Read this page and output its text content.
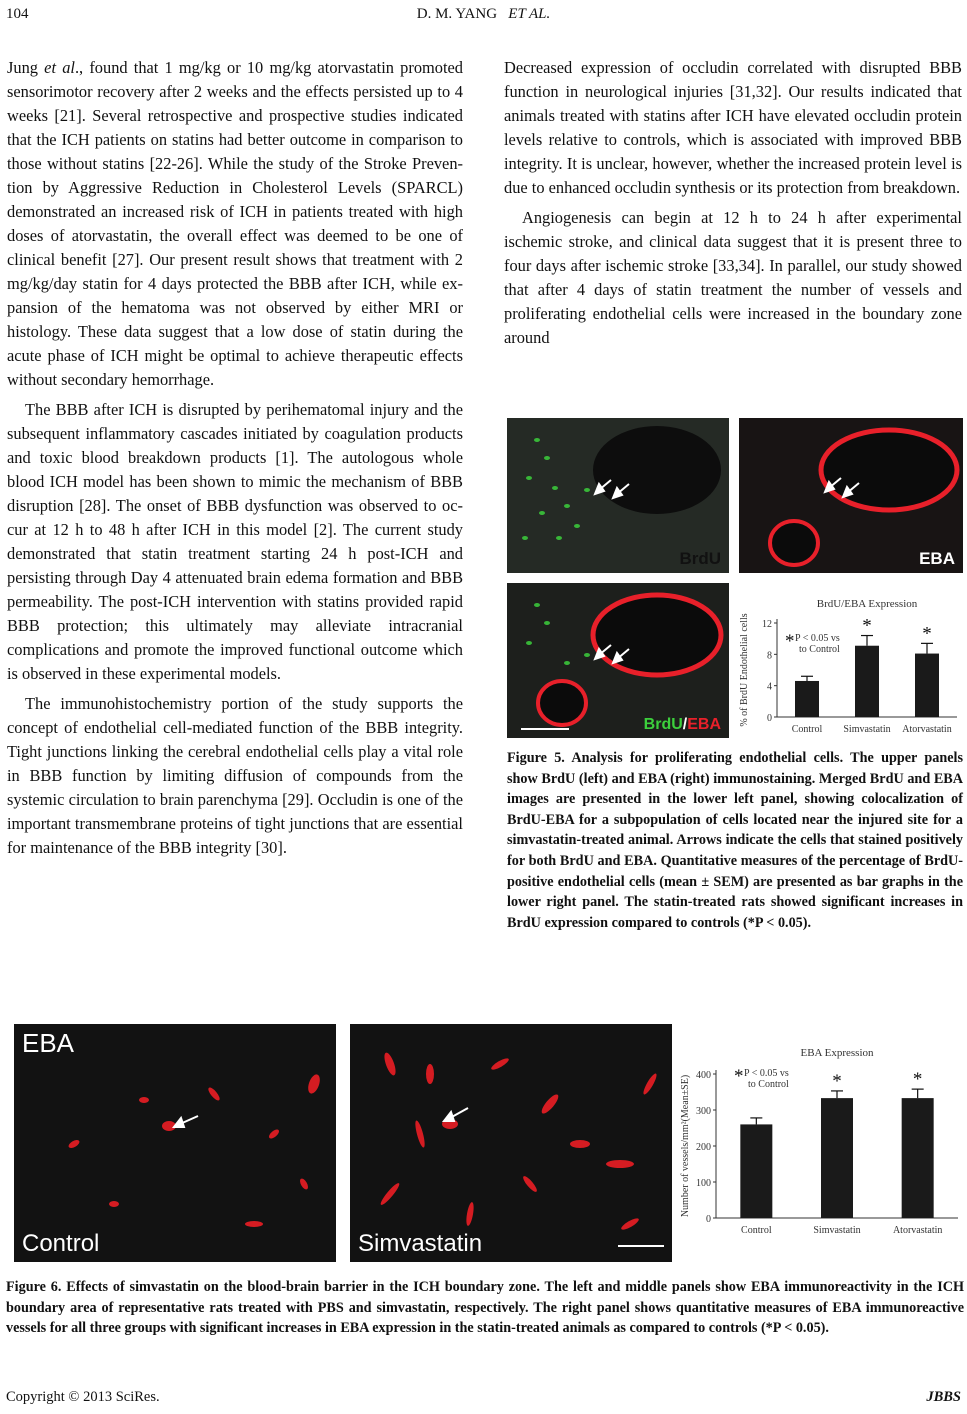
104	D. M. YANG ET AL.

Jung et al., found that 1 mg/kg or 10 mg/kg atorvastatin promoted sensorimotor recovery after 2 weeks and the effects persisted up to 4 weeks [21]. Several retrospective and prospective studies indicated that the ICH patients on statins had better outcome in comparison to those without statins [22-26]. While the study of the Stroke Prevention by Aggressive Reduction in Cholesterol Levels (SPARCL) demonstrated an increased risk of ICH in patients treated with high doses of atorvastatin, the overall effect was deemed to be one of clinical benefit [27]. Our present result shows that treatment with 2 mg/kg/day statin for 4 days protected the BBB after ICH, while expansion of the hematoma was not observed by either MRI or histology. These data suggest that a low dose of statin during the acute phase of ICH might be optimal to achieve therapeutic effects without secondary hemorrhage.

The BBB after ICH is disrupted by perihematomal injury and the subsequent inflammatory cascades initiated by coagulation products and toxic blood breakdown products [1]. The autologous whole blood ICH model has been shown to mimic the mechanism of BBB disruption [28]. The onset of BBB dysfunction was observed to occur at 12 h to 48 h after ICH in this model [2]. The current study demonstrated that statin treatment starting 24 h post-ICH and persisting through Day 4 attenuated brain edema formation and BBB permeability. The post-ICH intervention with statins provided rapid BBB protection; this ultimately may alleviate intracranial complications and promote the improved functional outcome which is observed in these experimental models.

The immunohistochemistry portion of the study supports the concept of endothelial cell-mediated function of the BBB integrity. Tight junctions linking the cerebral endothelial cells play a vital role in BBB function by limiting diffusion of compounds from the systemic circulation to brain parenchyma [29]. Occludin is one of the important transmembrane proteins of tight junctions that are essential for maintenance of the BBB integrity [30].

Decreased expression of occludin correlated with disrupted BBB function in neurological injuries [31,32]. Our results indicated that animals treated with statins after ICH have elevated occludin protein levels relative to controls, which is associated with improved BBB integrity. It is unclear, however, whether the increased protein level is due to enhanced occludin synthesis or its protection from breakdown.

Angiogenesis can begin at 12 h to 24 h after experimental ischemic stroke, and clinical data suggest that it is present three to four days after ischemic stroke [33,34]. In parallel, our study showed that after 4 days of statin treatment the number of vessels and proliferating endothelial cells were increased in the boundary zone around

BrdU	EBA
BrdU/EBA
BrdU/EBA Expression
% of BrdU Endothelial cells 0
4
8
12
Control Simvastatin
*
Atorvastatin
*
* P < 0.05 vs
to Control
Figure 5. Analysis for proliferating endothelial cells. The upper panels show BrdU (left) and EBA (right) immunostaining. Merged BrdU and EBA images are presented in the lower left panel, showing colocalization of BrdU-EBA for a subpopulation of cells located near the injured site for a simvastatin-treated animal. Arrows indicate the cells that stained positively for both BrdU and EBA. Quantitative measures of the percentage of BrdU-positive endothelial cells (mean ± SEM) are presented as bar graphs in the lower right panel. The statin-treated rats showed significant increases in BrdU expression compared to controls (*P < 0.05).
EBA
Control	Simvastatin
EBA Expression
Number of vessels/mm²(Mean±SE)
0
100
200
300
400
Control	Simvastatin
*
Atorvastatin
*
* P < 0.05 vs
to Control
Figure 6. Effects of simvastatin on the blood-brain barrier in the ICH boundary zone. The left and middle panels show EBA immunoreactivity in the ICH boundary area of representative rats treated with PBS and simvastatin, respectively. The right panel shows quantitative measures of EBA immunoreactive vessels for all three groups with significant increases in EBA expression in the statin-treated animals as compared to controls (*P < 0.05).
Copyright © 2013 SciRes.	JBBS
